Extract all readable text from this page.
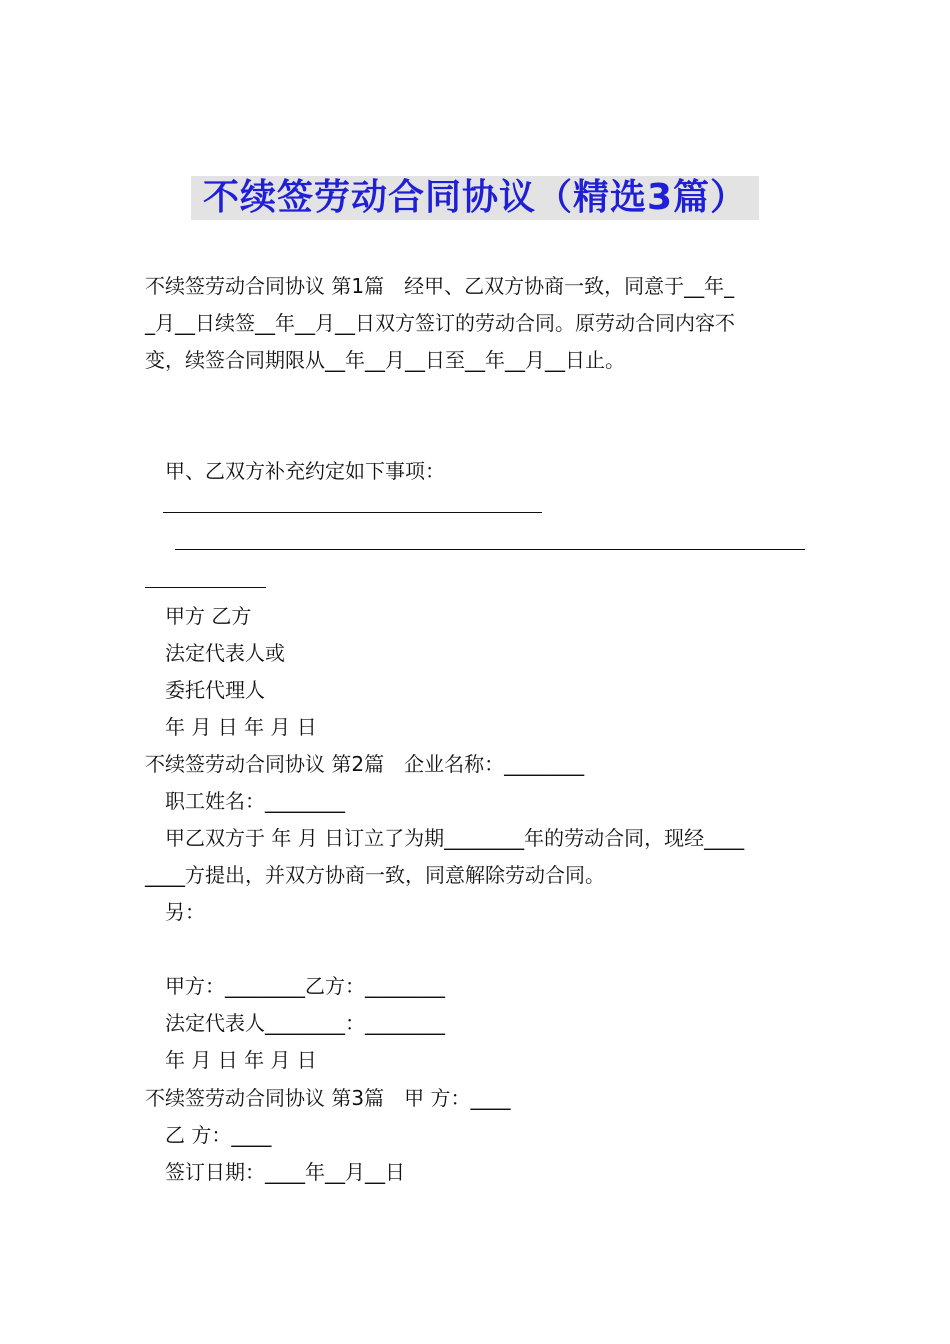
不续签劳动合同协议（精选3篇）
不续签劳动合同协议 第1篇　经甲、乙双方协商一致，同意于__年_
_月__日续签__年__月__日双方签订的劳动合同。原劳动合同内容不
变，续签合同期限从__年__月__日至__年__月__日止。
甲、乙双方补充约定如下事项：
甲方 乙方
法定代表人或
委托代理人
年 月 日 年 月 日
不续签劳动合同协议 第2篇　企业名称：________
职工姓名：________
甲乙双方于 年 月 日订立了为期________年的劳动合同，现经____
____方提出，并双方协商一致，同意解除劳动合同。
另：
甲方：________乙方：________
法定代表人________：________
年 月 日 年 月 日
不续签劳动合同协议 第3篇　甲 方：____
乙 方：____
签订日期：____年__月__日
